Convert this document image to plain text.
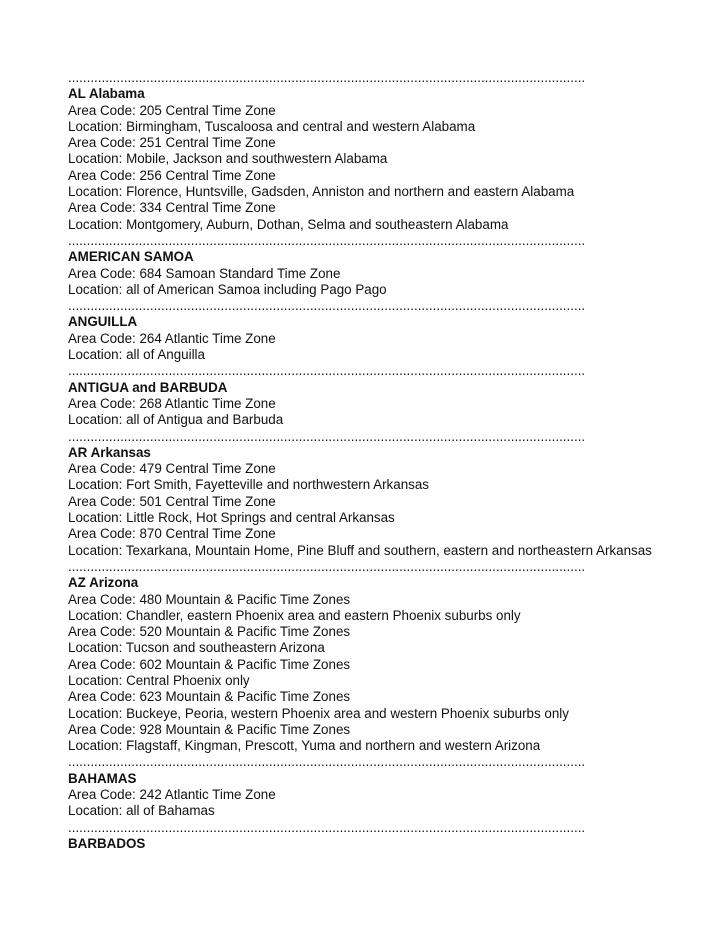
...........................................................................................................................................
AL Alabama
Area Code: 205 Central Time Zone
Location: Birmingham, Tuscaloosa and central and western Alabama
Area Code: 251 Central Time Zone
Location: Mobile, Jackson and southwestern Alabama
Area Code: 256 Central Time Zone
Location: Florence, Huntsville, Gadsden, Anniston and northern and eastern Alabama
Area Code: 334 Central Time Zone
Location: Montgomery, Auburn, Dothan, Selma and southeastern Alabama
...........................................................................................................................................
AMERICAN SAMOA
Area Code: 684 Samoan Standard Time Zone
Location: all of American Samoa including Pago Pago
...........................................................................................................................................
ANGUILLA
Area Code: 264 Atlantic Time Zone
Location: all of Anguilla
...........................................................................................................................................
ANTIGUA and BARBUDA
Area Code: 268 Atlantic Time Zone
Location: all of Antigua and Barbuda
...........................................................................................................................................
AR Arkansas
Area Code: 479 Central Time Zone
Location: Fort Smith, Fayetteville and northwestern Arkansas
Area Code: 501 Central Time Zone
Location: Little Rock, Hot Springs and central Arkansas
Area Code: 870 Central Time Zone
Location: Texarkana, Mountain Home, Pine Bluff and southern, eastern and northeastern Arkansas
...........................................................................................................................................
AZ Arizona
Area Code: 480 Mountain & Pacific Time Zones
Location: Chandler, eastern Phoenix area and eastern Phoenix suburbs only
Area Code: 520 Mountain & Pacific Time Zones
Location: Tucson and southeastern Arizona
Area Code: 602 Mountain & Pacific Time Zones
Location: Central Phoenix only
Area Code: 623 Mountain & Pacific Time Zones
Location: Buckeye, Peoria, western Phoenix area and western Phoenix suburbs only
Area Code: 928 Mountain & Pacific Time Zones
Location: Flagstaff, Kingman, Prescott, Yuma and northern and western Arizona
...........................................................................................................................................
BAHAMAS
Area Code: 242 Atlantic Time Zone
Location: all of Bahamas
...........................................................................................................................................
BARBADOS
